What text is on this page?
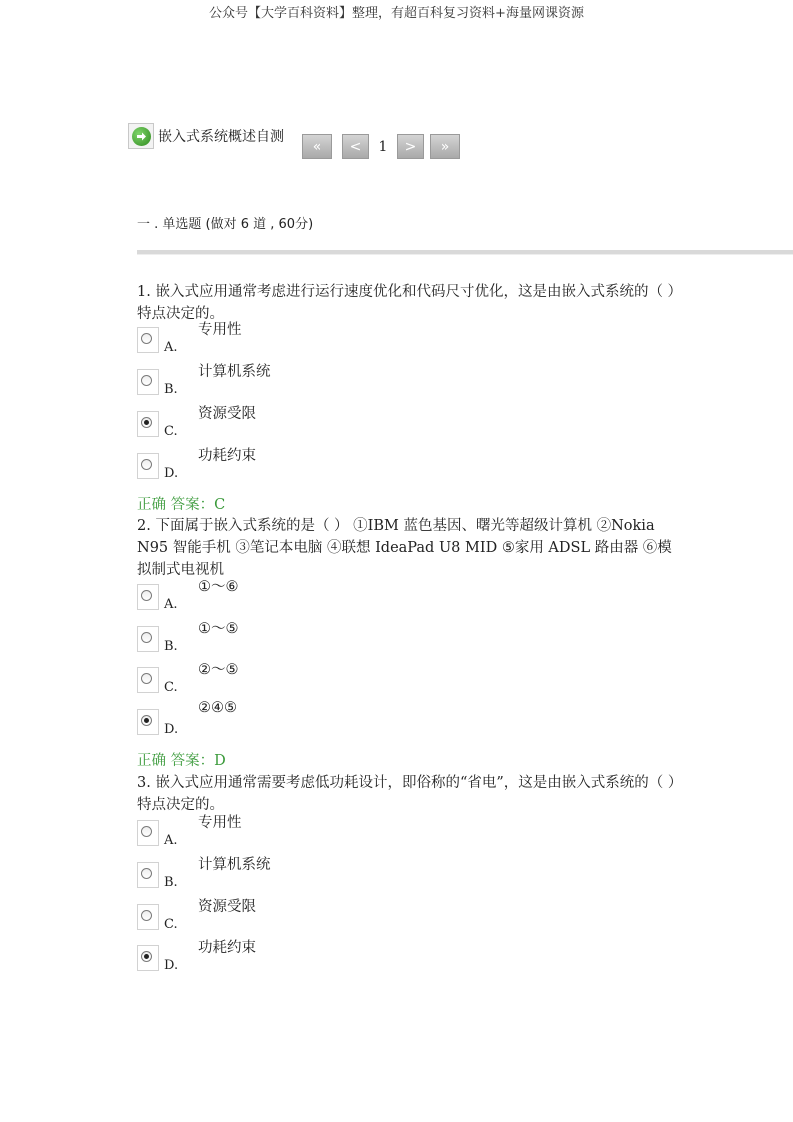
公众号【大学百科资料】整理，有超百科复习资料+海量网课资源
嵌入式系统概述自测
«	<	1	>	»
一 . 单选题 (做对 6 道 , 60分)
1. 嵌入式应用通常考虑进行运行速度优化和代码尺寸优化，这是由嵌入式系统的（ ）特点决定的。
A.
专用性
B.
计算机系统
C.
资源受限
D.
功耗约束
正确 答案：C
2. 下面属于嵌入式系统的是（ ） ①IBM 蓝色基因、曙光等超级计算机 ②Nokia N95 智能手机 ③笔记本电脑 ④联想 IdeaPad U8 MID ⑤家用 ADSL 路由器 ⑥模拟制式电视机
A.
①～⑥
B.
①～⑤
C.
②～⑤
D.
②④⑤
正确 答案：D
3. 嵌入式应用通常需要考虑低功耗设计，即俗称的“省电”，这是由嵌入式系统的（ ）特点决定的。
A.
专用性
B.
计算机系统
C.
资源受限
D.
功耗约束
